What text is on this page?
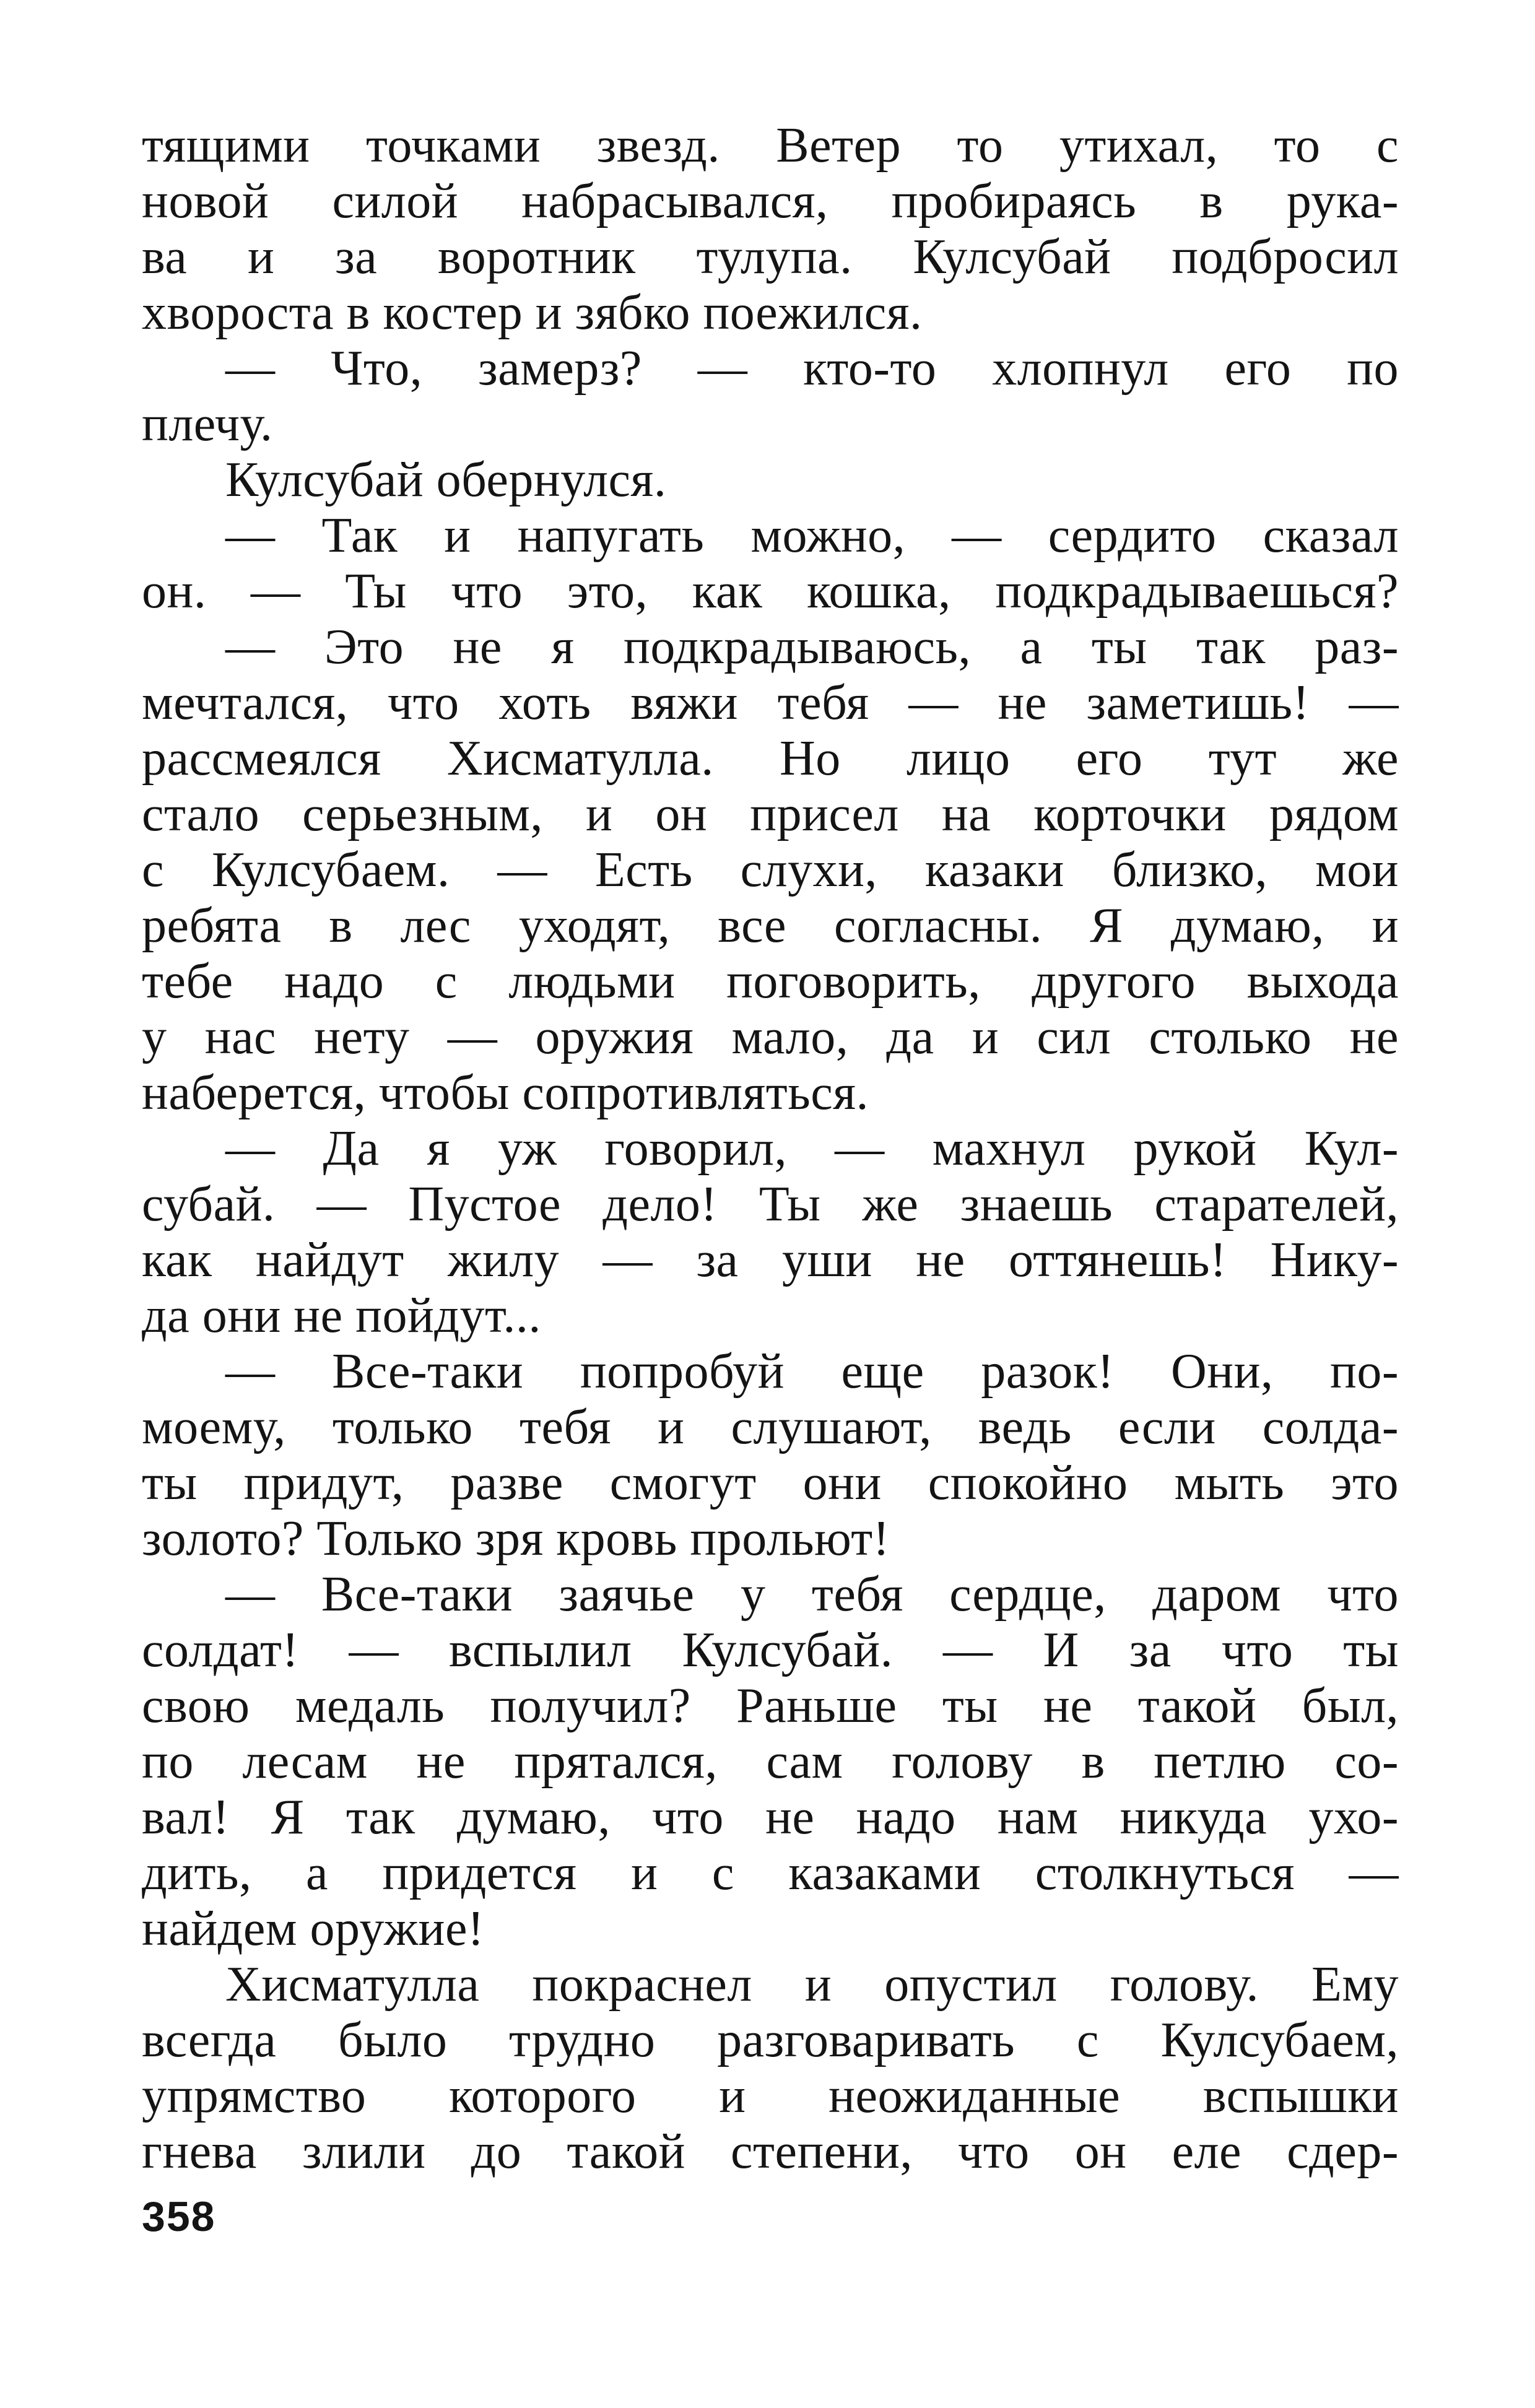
тящими точками звезд. Ветер то утихал, то с
новой силой набрасывался, пробираясь в рука-
ва и за воротник тулупа. Кулсубай подбросил
хвороста в костер и зябко поежился.
— Что, замерз? — кто-то хлопнул его по
плечу.
Кулсубай обернулся.
— Так и напугать можно, — сердито сказал
он. — Ты что это, как кошка, подкрадываешься?
— Это не я подкрадываюсь, а ты так раз-
мечтался, что хоть вяжи тебя — не заметишь! —
рассмеялся Хисматулла. Но лицо его тут же
стало серьезным, и он присел на корточки рядом
с Кулсубаем. — Есть слухи, казаки близко, мои
ребята в лес уходят, все согласны. Я думаю, и
тебе надо с людьми поговорить, другого выхода
у нас нету — оружия мало, да и сил столько не
наберется, чтобы сопротивляться.
— Да я уж говорил, — махнул рукой Кул-
субай. — Пустое дело! Ты же знаешь старателей,
как найдут жилу — за уши не оттянешь! Нику-
да они не пойдут...
— Все-таки попробуй еще разок! Они, по-
моему, только тебя и слушают, ведь если солда-
ты придут, разве смогут они спокойно мыть это
золото? Только зря кровь прольют!
— Все-таки заячье у тебя сердце, даром что
солдат! — вспылил Кулсубай. — И за что ты
свою медаль получил? Раньше ты не такой был,
по лесам не прятался, сам голову в петлю со-
вал! Я так думаю, что не надо нам никуда ухо-
дить, а придется и с казаками столкнуться —
найдем оружие!
Хисматулла покраснел и опустил голову. Ему
всегда было трудно разговаривать с Кулсубаем,
упрямство которого и неожиданные вспышки
гнева злили до такой степени, что он еле сдер-
358
